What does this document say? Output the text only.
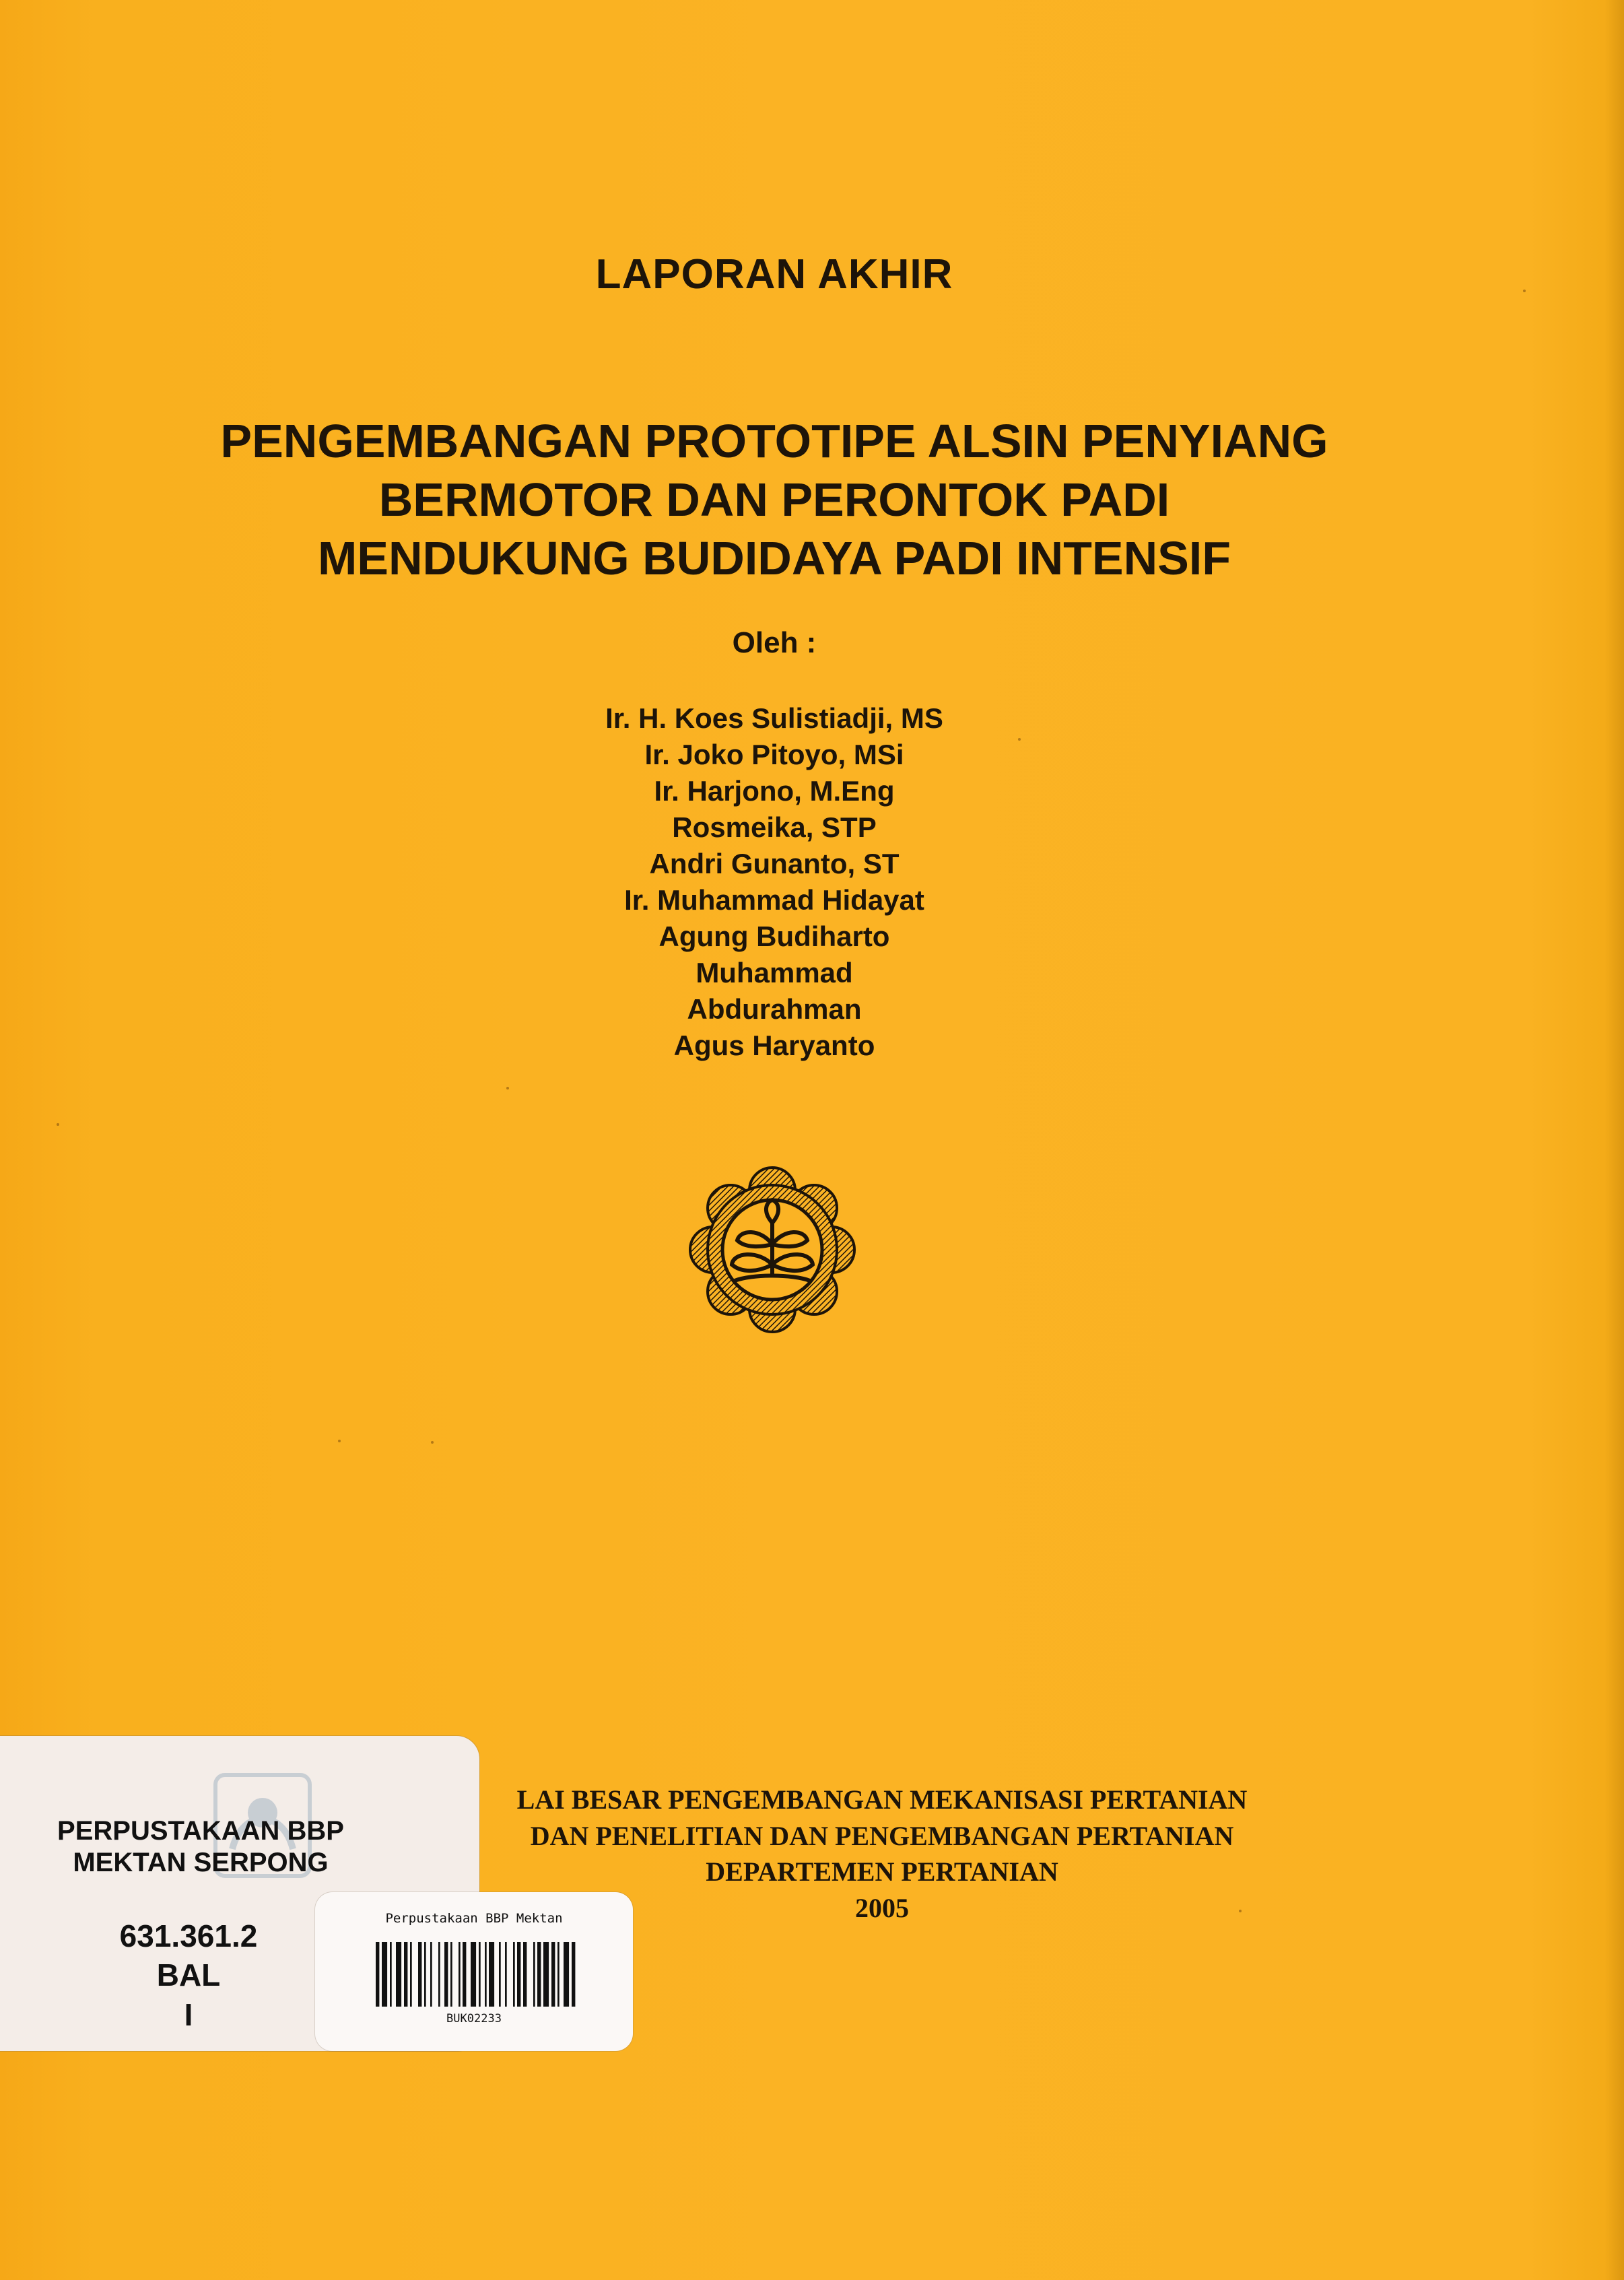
LAPORAN AKHIR
PENGEMBANGAN PROTOTIPE ALSIN PENYIANG
BERMOTOR DAN PERONTOK PADI
MENDUKUNG BUDIDAYA PADI INTENSIF

Oleh :

Ir. H. Koes Sulistiadji, MS
Ir. Joko Pitoyo, MSi
Ir. Harjono, M.Eng
Rosmeika, STP
Andri Gunanto, ST
Ir. Muhammad Hidayat
Agung Budiharto
Muhammad
Abdurahman
Agus Haryanto
LAI BESAR PENGEMBANGAN MEKANISASI PERTANIAN
DAN PENELITIAN DAN PENGEMBANGAN PERTANIAN
DEPARTEMEN PERTANIAN
2005
PERPUSTAKAAN BBP
MEKTAN SERPONG
631.361.2
BAL
I
Perpustakaan BBP Mektan
BUK02233
